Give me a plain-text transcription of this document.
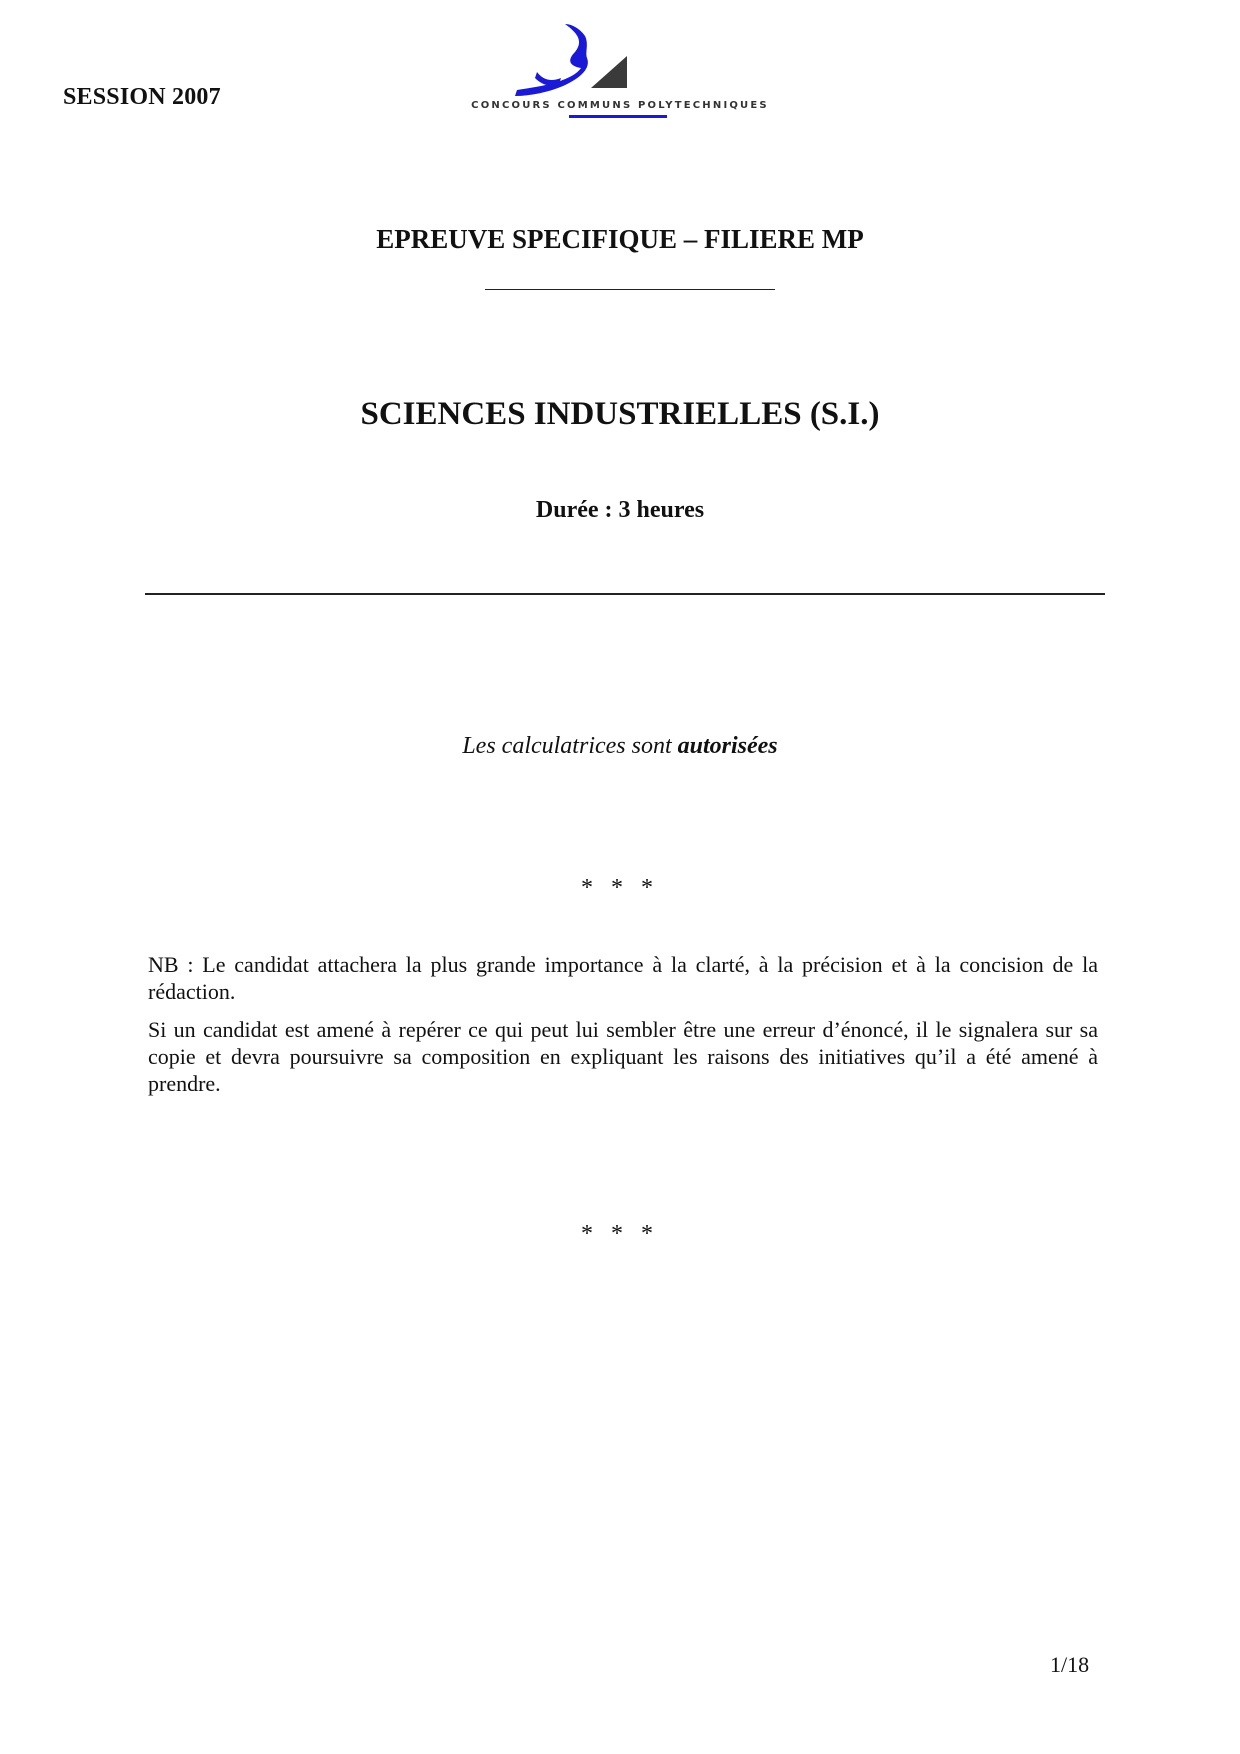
SESSION 2007	CONCOURS COMMUNS POLYTECHNIQUES
EPREUVE SPECIFIQUE – FILIERE MP
SCIENCES INDUSTRIELLES (S.I.)
Durée : 3 heures
Les calculatrices sont autorisées
* * *
NB : Le candidat attachera la plus grande importance à la clarté, à la précision et à la concision de la rédaction.
Si un candidat est amené à repérer ce qui peut lui sembler être une erreur d’énoncé, il le signalera sur sa copie et devra poursuivre sa composition en expliquant les raisons des initiatives qu’il a été amené à prendre.
* * *
1/18
